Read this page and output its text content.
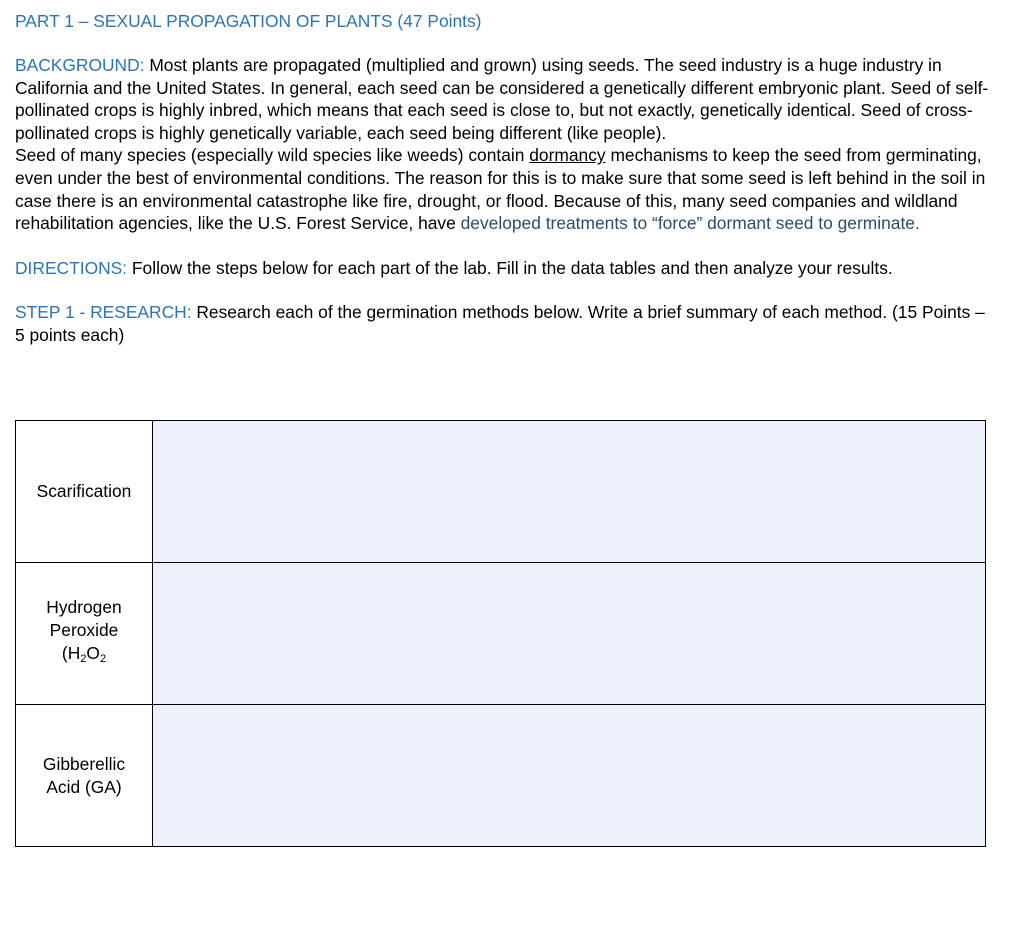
PART 1 – SEXUAL PROPAGATION OF PLANTS (47 Points)

BACKGROUND: Most plants are propagated (multiplied and grown) using seeds. The seed industry is a huge industry in California and the United States. In general, each seed can be considered a genetically different embryonic plant. Seed of self-pollinated crops is highly inbred, which means that each seed is close to, but not exactly, genetically identical. Seed of cross-pollinated crops is highly genetically variable, each seed being different (like people).

Seed of many species (especially wild species like weeds) contain dormancy mechanisms to keep the seed from germinating, even under the best of environmental conditions. The reason for this is to make sure that some seed is left behind in the soil in case there is an environmental catastrophe like fire, drought, or flood. Because of this, many seed companies and wildland rehabilitation agencies, like the U.S. Forest Service, have developed treatments to “force” dormant seed to germinate.

DIRECTIONS: Follow the steps below for each part of the lab. Fill in the data tables and then analyze your results.

STEP 1 - RESEARCH: Research each of the germination methods below. Write a brief summary of each method. (15 Points – 5 points each)

Scarification	

Hydrogen
Peroxide
($H_2O_2$

Gibberellic
Acid (GA)	
